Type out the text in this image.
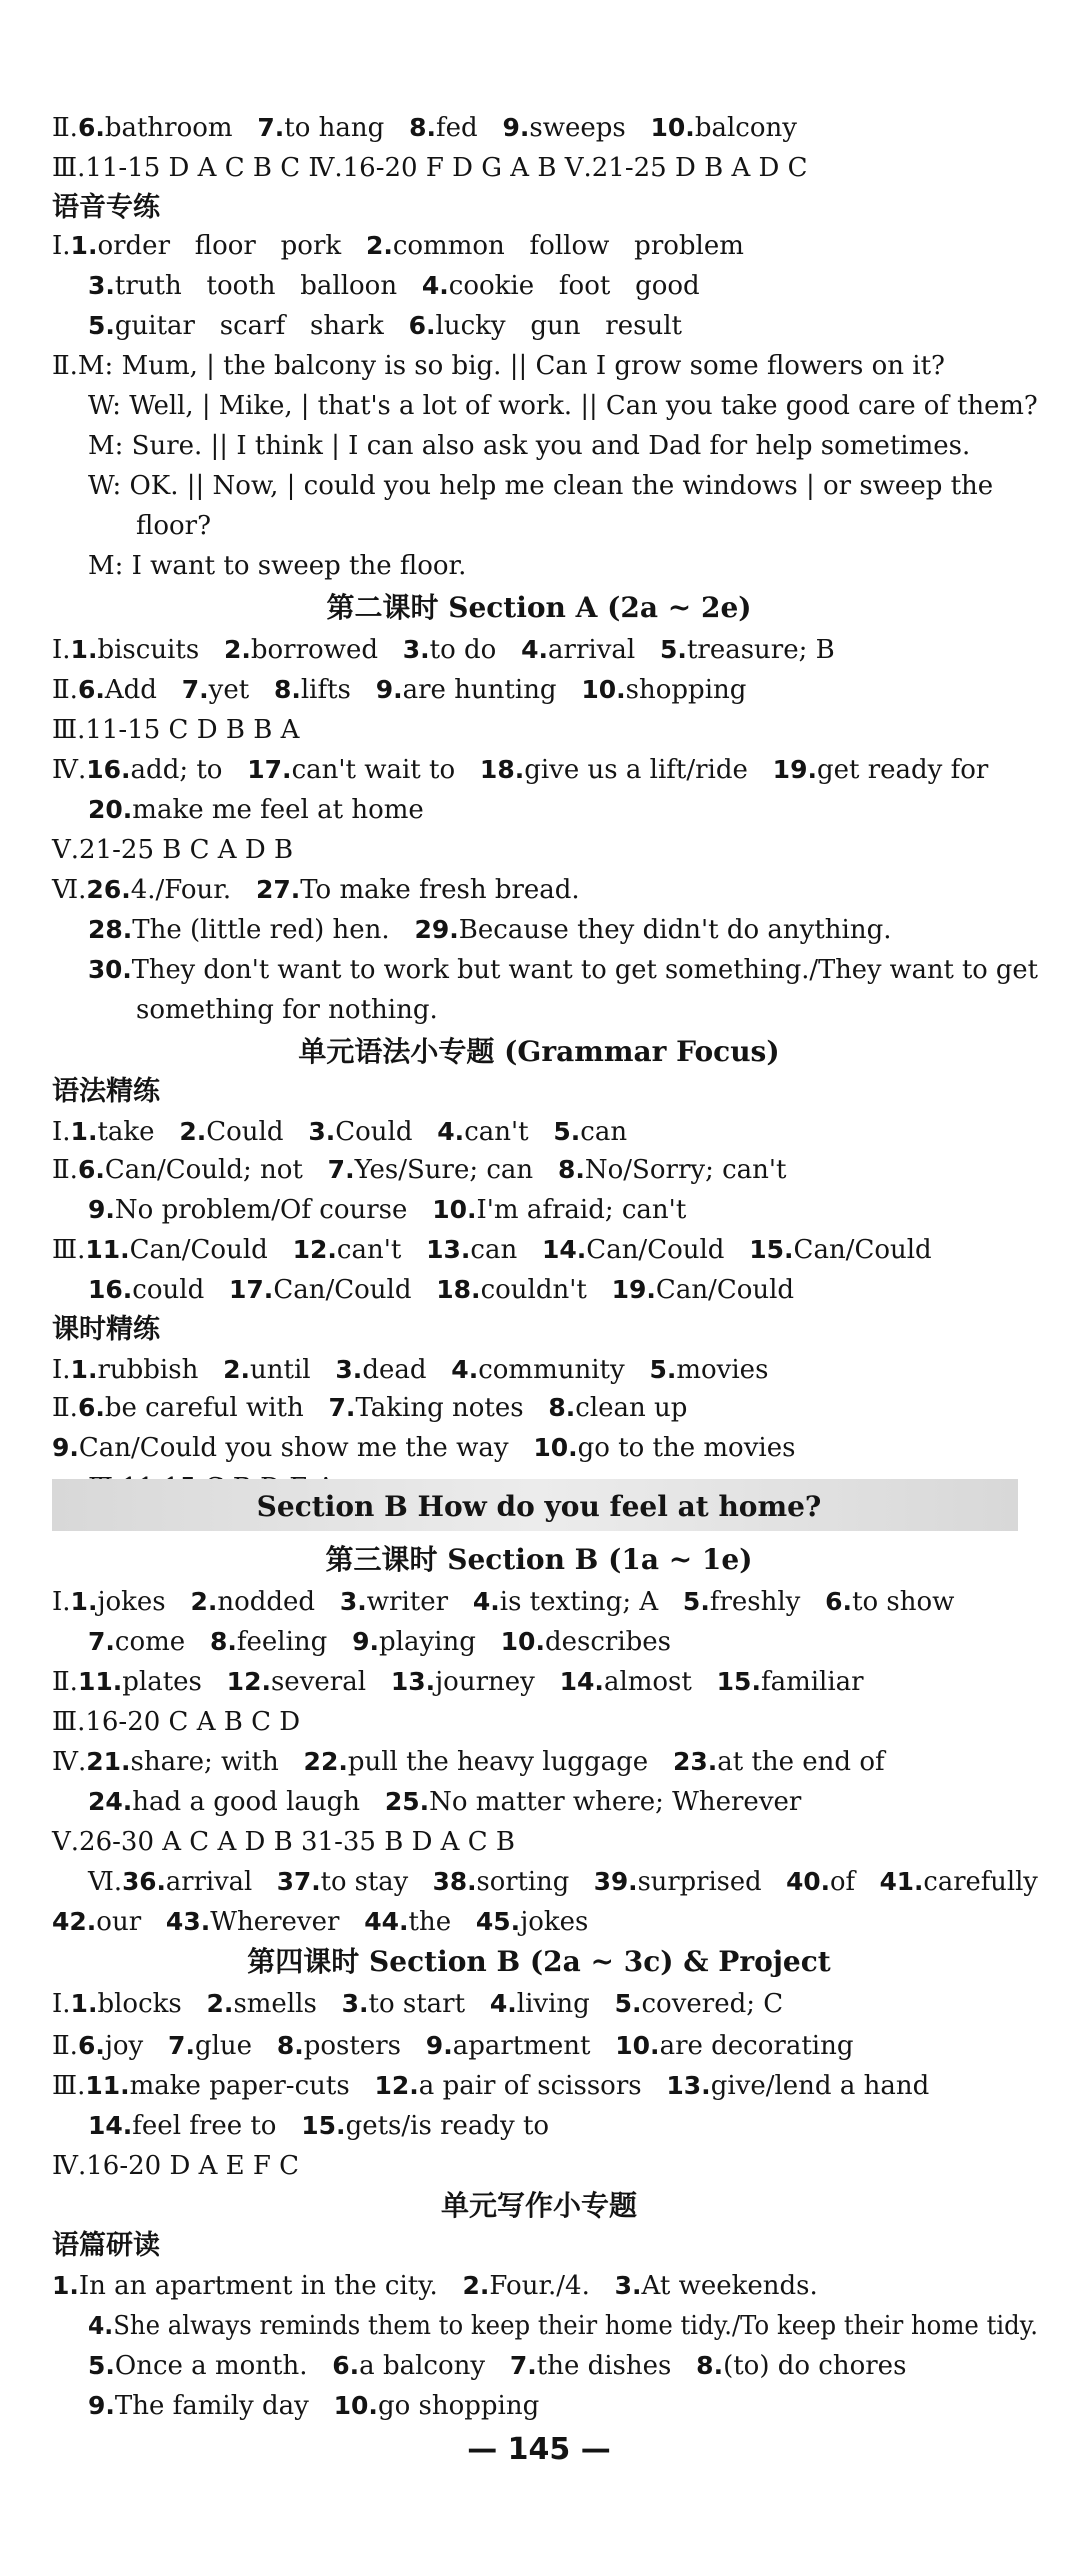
Ⅱ.6.bathroom 7.to hang 8.fed 9.sweeps 10.balcony
Ⅲ.11-15 D A C B C Ⅳ.16-20 F D G A B Ⅴ.21-25 D B A D C
语音专练
Ⅰ.1.order   floor   pork 2.common   follow   problem
3.truth   tooth   balloon 4.cookie   foot   good
5.guitar   scarf   shark 6.lucky   gun   result
Ⅱ.M: Mum, | the balcony is so big. || Can I grow some flowers on it?
W: Well, | Mike, | that's a lot of work. || Can you take good care of them?
M: Sure. || I think | I can also ask you and Dad for help sometimes.
W: OK. || Now, | could you help me clean the windows | or sweep the
floor?
M: I want to sweep the floor.
第二课时 Section A (2a ~ 2e)
Ⅰ.1.biscuits 2.borrowed 3.to do 4.arrival 5.treasure; B
Ⅱ.6.Add 7.yet 8.lifts 9.are hunting 10.shopping
Ⅲ.11-15 C D B B A
Ⅳ.16.add; to 17.can't wait to 18.give us a lift/ride 19.get ready for
20.make me feel at home
Ⅴ.21-25 B C A D B
Ⅵ.26.4./Four. 27.To make fresh bread.
28.The (little red) hen. 29.Because they didn't do anything.
30.They don't want to work but want to get something./They want to get
something for nothing.
单元语法小专题 (Grammar Focus)
语法精练
Ⅰ.1.take 2.Could 3.Could 4.can't 5.can
Ⅱ.6.Can/Could; not 7.Yes/Sure; can 8.No/Sorry; can't
9.No problem/Of course 10.I'm afraid; can't
Ⅲ.11.Can/Could 12.can't 13.can 14.Can/Could 15.Can/Could
16.could 17.Can/Could 18.couldn't 19.Can/Could
课时精练
Ⅰ.1.rubbish 2.until 3.dead 4.community 5.movies
Ⅱ.6.be careful with 7.Taking notes 8.clean up
9.Can/Could you show me the way 10.go to the movies
Section B How do you feel at home?
第三课时 Section B (1a ~ 1e)
Ⅰ.1.jokes 2.nodded 3.writer 4.is texting; A 5.freshly 6.to show
7.come 8.feeling 9.playing 10.describes
Ⅱ.11.plates 12.several 13.journey 14.almost 15.familiar
Ⅲ.16-20 C A B C D
Ⅳ.21.share; with 22.pull the heavy luggage 23.at the end of
24.had a good laugh 25.No matter where; Wherever
Ⅴ.26-30 A C A D B 31-35 B D A C B
Ⅵ.36.arrival 37.to stay 38.sorting 39.surprised 40.of 41.carefully
42.our 43.Wherever 44.the 45.jokes
第四课时 Section B (2a ~ 3c) & Project
Ⅰ.1.blocks 2.smells 3.to start 4.living 5.covered; C
Ⅱ.6.joy 7.glue 8.posters 9.apartment 10.are decorating
Ⅲ.11.make paper-cuts 12.a pair of scissors 13.give/lend a hand
14.feel free to 15.gets/is ready to
Ⅳ.16-20 D A E F C
单元写作小专题
语篇研读
1.In an apartment in the city. 2.Four./4. 3.At weekends.
4.She always reminds them to keep their home tidy./To keep their home tidy.
5.Once a month. 6.a balcony 7.the dishes 8.(to) do chores
9.The family day 10.go shopping
— 145 —
